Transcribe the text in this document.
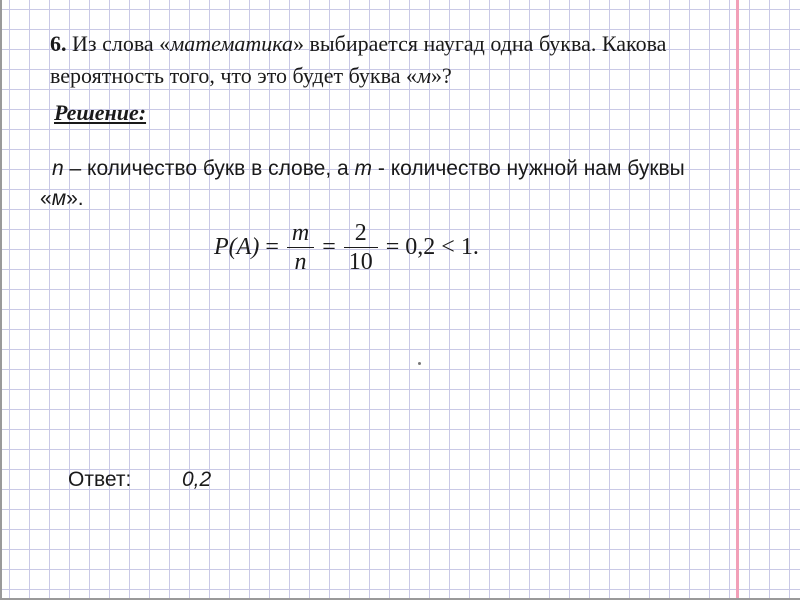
6. Из слова «математика» выбирается наугад одна буква. Какова вероятность того, что это будет буква «м»?

Решение:

n – количество букв в слове, а m - количество нужной нам буквы «м».

$P(A) = \frac{m}{n} = \frac{2}{10} = 0,2 < 1$.
Ответ: 0,2
